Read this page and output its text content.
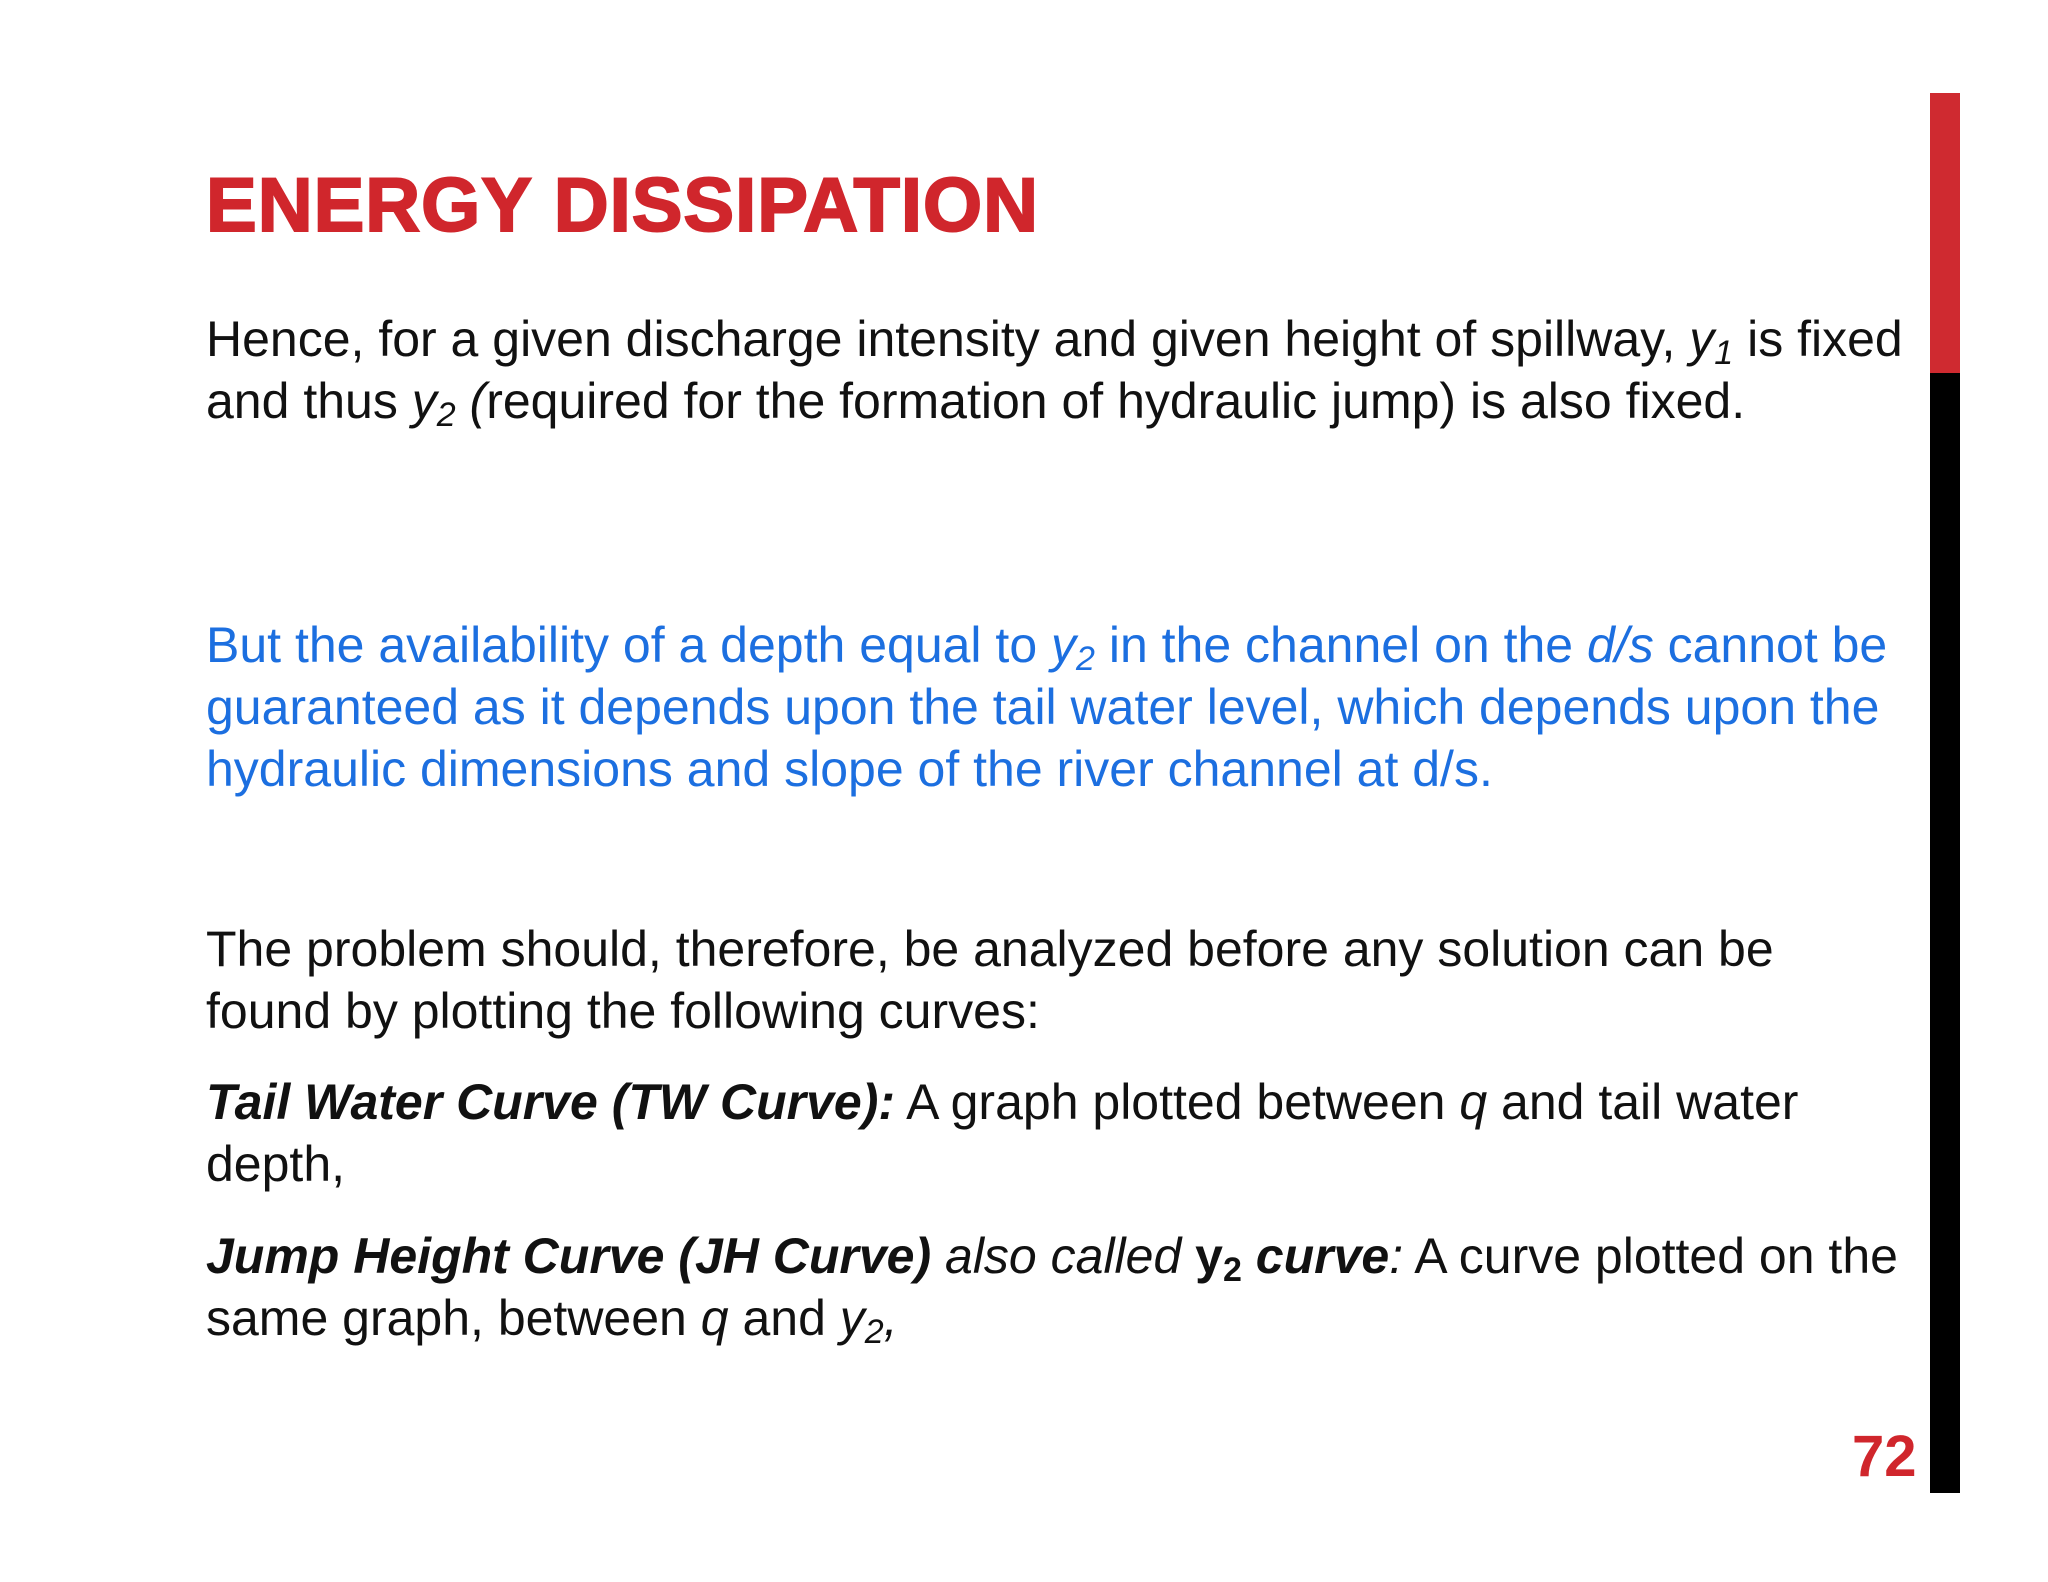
ENERGY DISSIPATION

Hence, for a given discharge intensity and given height of spillway, $y_1$ is fixed and thus $y_2$ (required for the formation of hydraulic jump) is also fixed.

But the availability of a depth equal to $y_2$ in the channel on the d/s cannot be guaranteed as it depends upon the tail water level, which depends upon the hydraulic dimensions and slope of the river channel at d/s.

The problem should, therefore, be analyzed before any solution can be found by plotting the following curves:

Tail Water Curve (TW Curve): A graph plotted between q and tail water depth,

Jump Height Curve (JH Curve) also called $y_2$ curve: A curve plotted on the same graph, between q and $y_2$,

72
